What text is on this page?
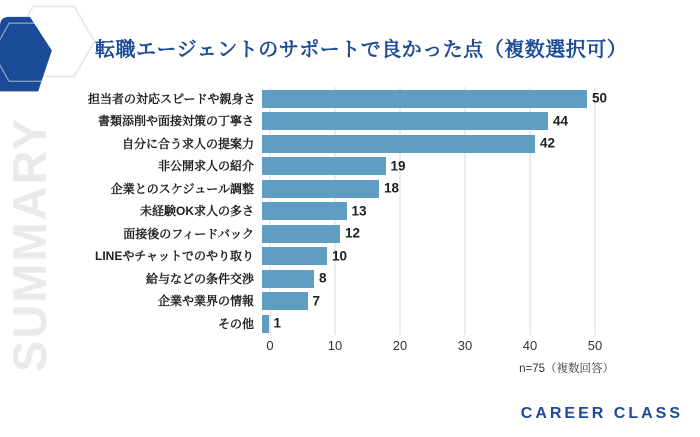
SUMMARY
転職エージェントのサポートで良かった点（複数選択可）
担当者の対応スピードや親身さ	50
書類添削や面接対策の丁寧さ	44
自分に合う求人の提案力	42
非公開求人の紹介	19
企業とのスケジュール調整	18
未経験OK求人の多さ	13
面接後のフィードバック	12
LINEやチャットでのやり取り	10
給与などの条件交渉	8
企業や業界の情報	7
その他	1
0	10	20	30	40	50
n=75（複数回答）
CAREER CLASS
